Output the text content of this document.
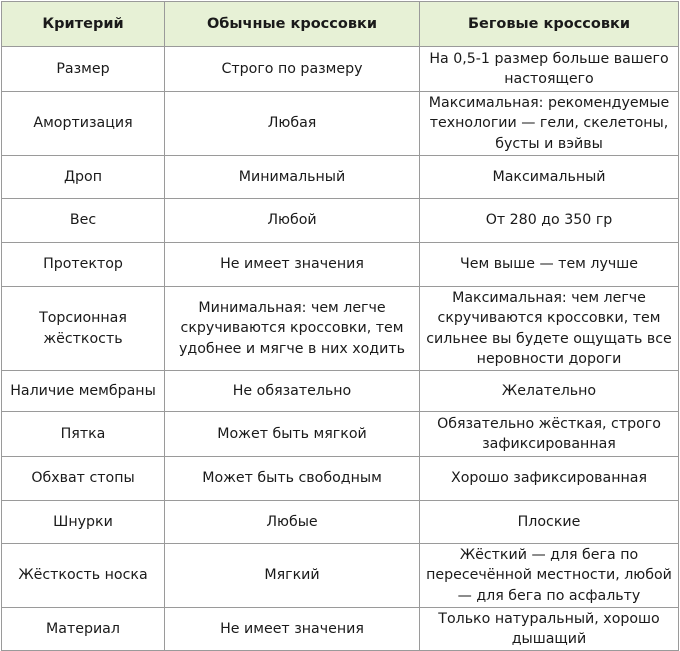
Критерий	Обычные кроссовки	Беговые кроссовки
Размер	Строго по размеру	На 0,5-1 размер больше вашего настоящего
Амортизация	Любая	Максимальная: рекомендуемые технологии — гели, скелетоны, бусты и вэйвы
Дроп	Минимальный	Максимальный
Вес	Любой	От 280 до 350 гр
Протектор	Не имеет значения	Чем выше — тем лучше
Торсионная жёсткость	Минимальная: чем легче скручиваются кроссовки, тем удобнее и мягче в них ходить	Максимальная: чем легче скручиваются кроссовки, тем сильнее вы будете ощущать все неровности дороги
Наличие мембраны	Не обязательно	Желательно
Пятка	Может быть мягкой	Обязательно жёсткая, строго зафиксированная
Обхват стопы	Может быть свободным	Хорошо зафиксированная
Шнурки	Любые	Плоские
Жёсткость носка	Мягкий	Жёсткий — для бега по пересечённой местности, любой — для бега по асфальту
Материал	Не имеет значения	Только натуральный, хорошо дышащий
